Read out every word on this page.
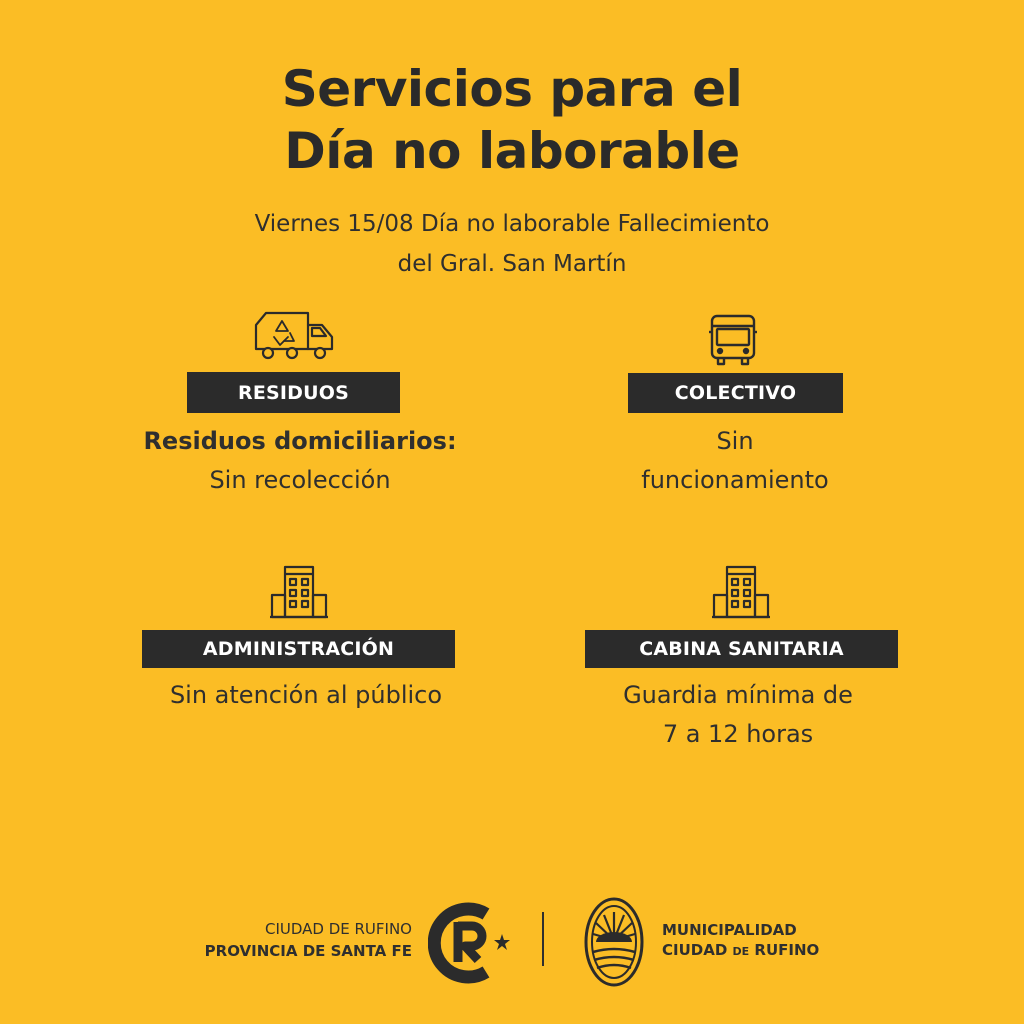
Servicios para el
Día no laborable
Viernes 15/08 Día no laborable Fallecimiento
del Gral. San Martín
RESIDUOS
Residuos domiciliarios:
Sin recolección
COLECTIVO
Sin
funcionamiento
ADMINISTRACIÓN
Sin atención al público
CABINA SANITARIA
Guardia mínima de
7 a 12 horas
CIUDAD DE RUFINO
PROVINCIA DE SANTA FE
MUNICIPALIDAD
CIUDAD DE RUFINO
